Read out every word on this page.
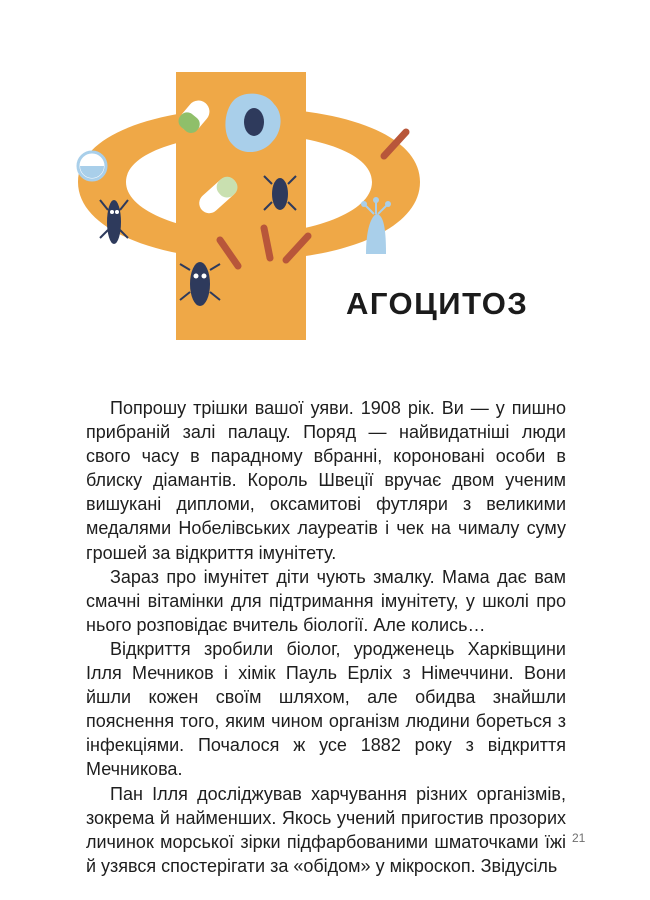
АГОЦИТОЗ

Попрошу трішки вашої уяви. 1908 рік. Ви — у пишно прибраній залі палацу. Поряд — найвидатніші люди свого часу в парадному вбранні, короновані особи в блиску діамантів. Король Швеції вручає двом ученим вишукані дипломи, оксамитові футляри з великими медалями Нобелівських лауреатів і чек на чималу суму грошей за відкриття імунітету.

Зараз про імунітет діти чують змалку. Мама дає вам смачні вітамінки для підтримання імунітету, у школі про нього розповідає вчитель біології. Але колись…

Відкриття зробили біолог, уродженець Харківщини Ілля Мечников і хімік Пауль Ерліх з Німеччини. Вони йшли кожен своїм шляхом, але обидва знайшли пояснення того, яким чином організм людини бореться з інфекціями. Почалося ж усе 1882 року з відкриття Мечникова.

Пан Ілля досліджував харчування різних організмів, зокрема й найменших. Якось учений пригостив прозорих личинок морської зірки підфарбованими шматочками їжі й узявся спостерігати за «обідом» у мікроскоп. Звідусіль

21
